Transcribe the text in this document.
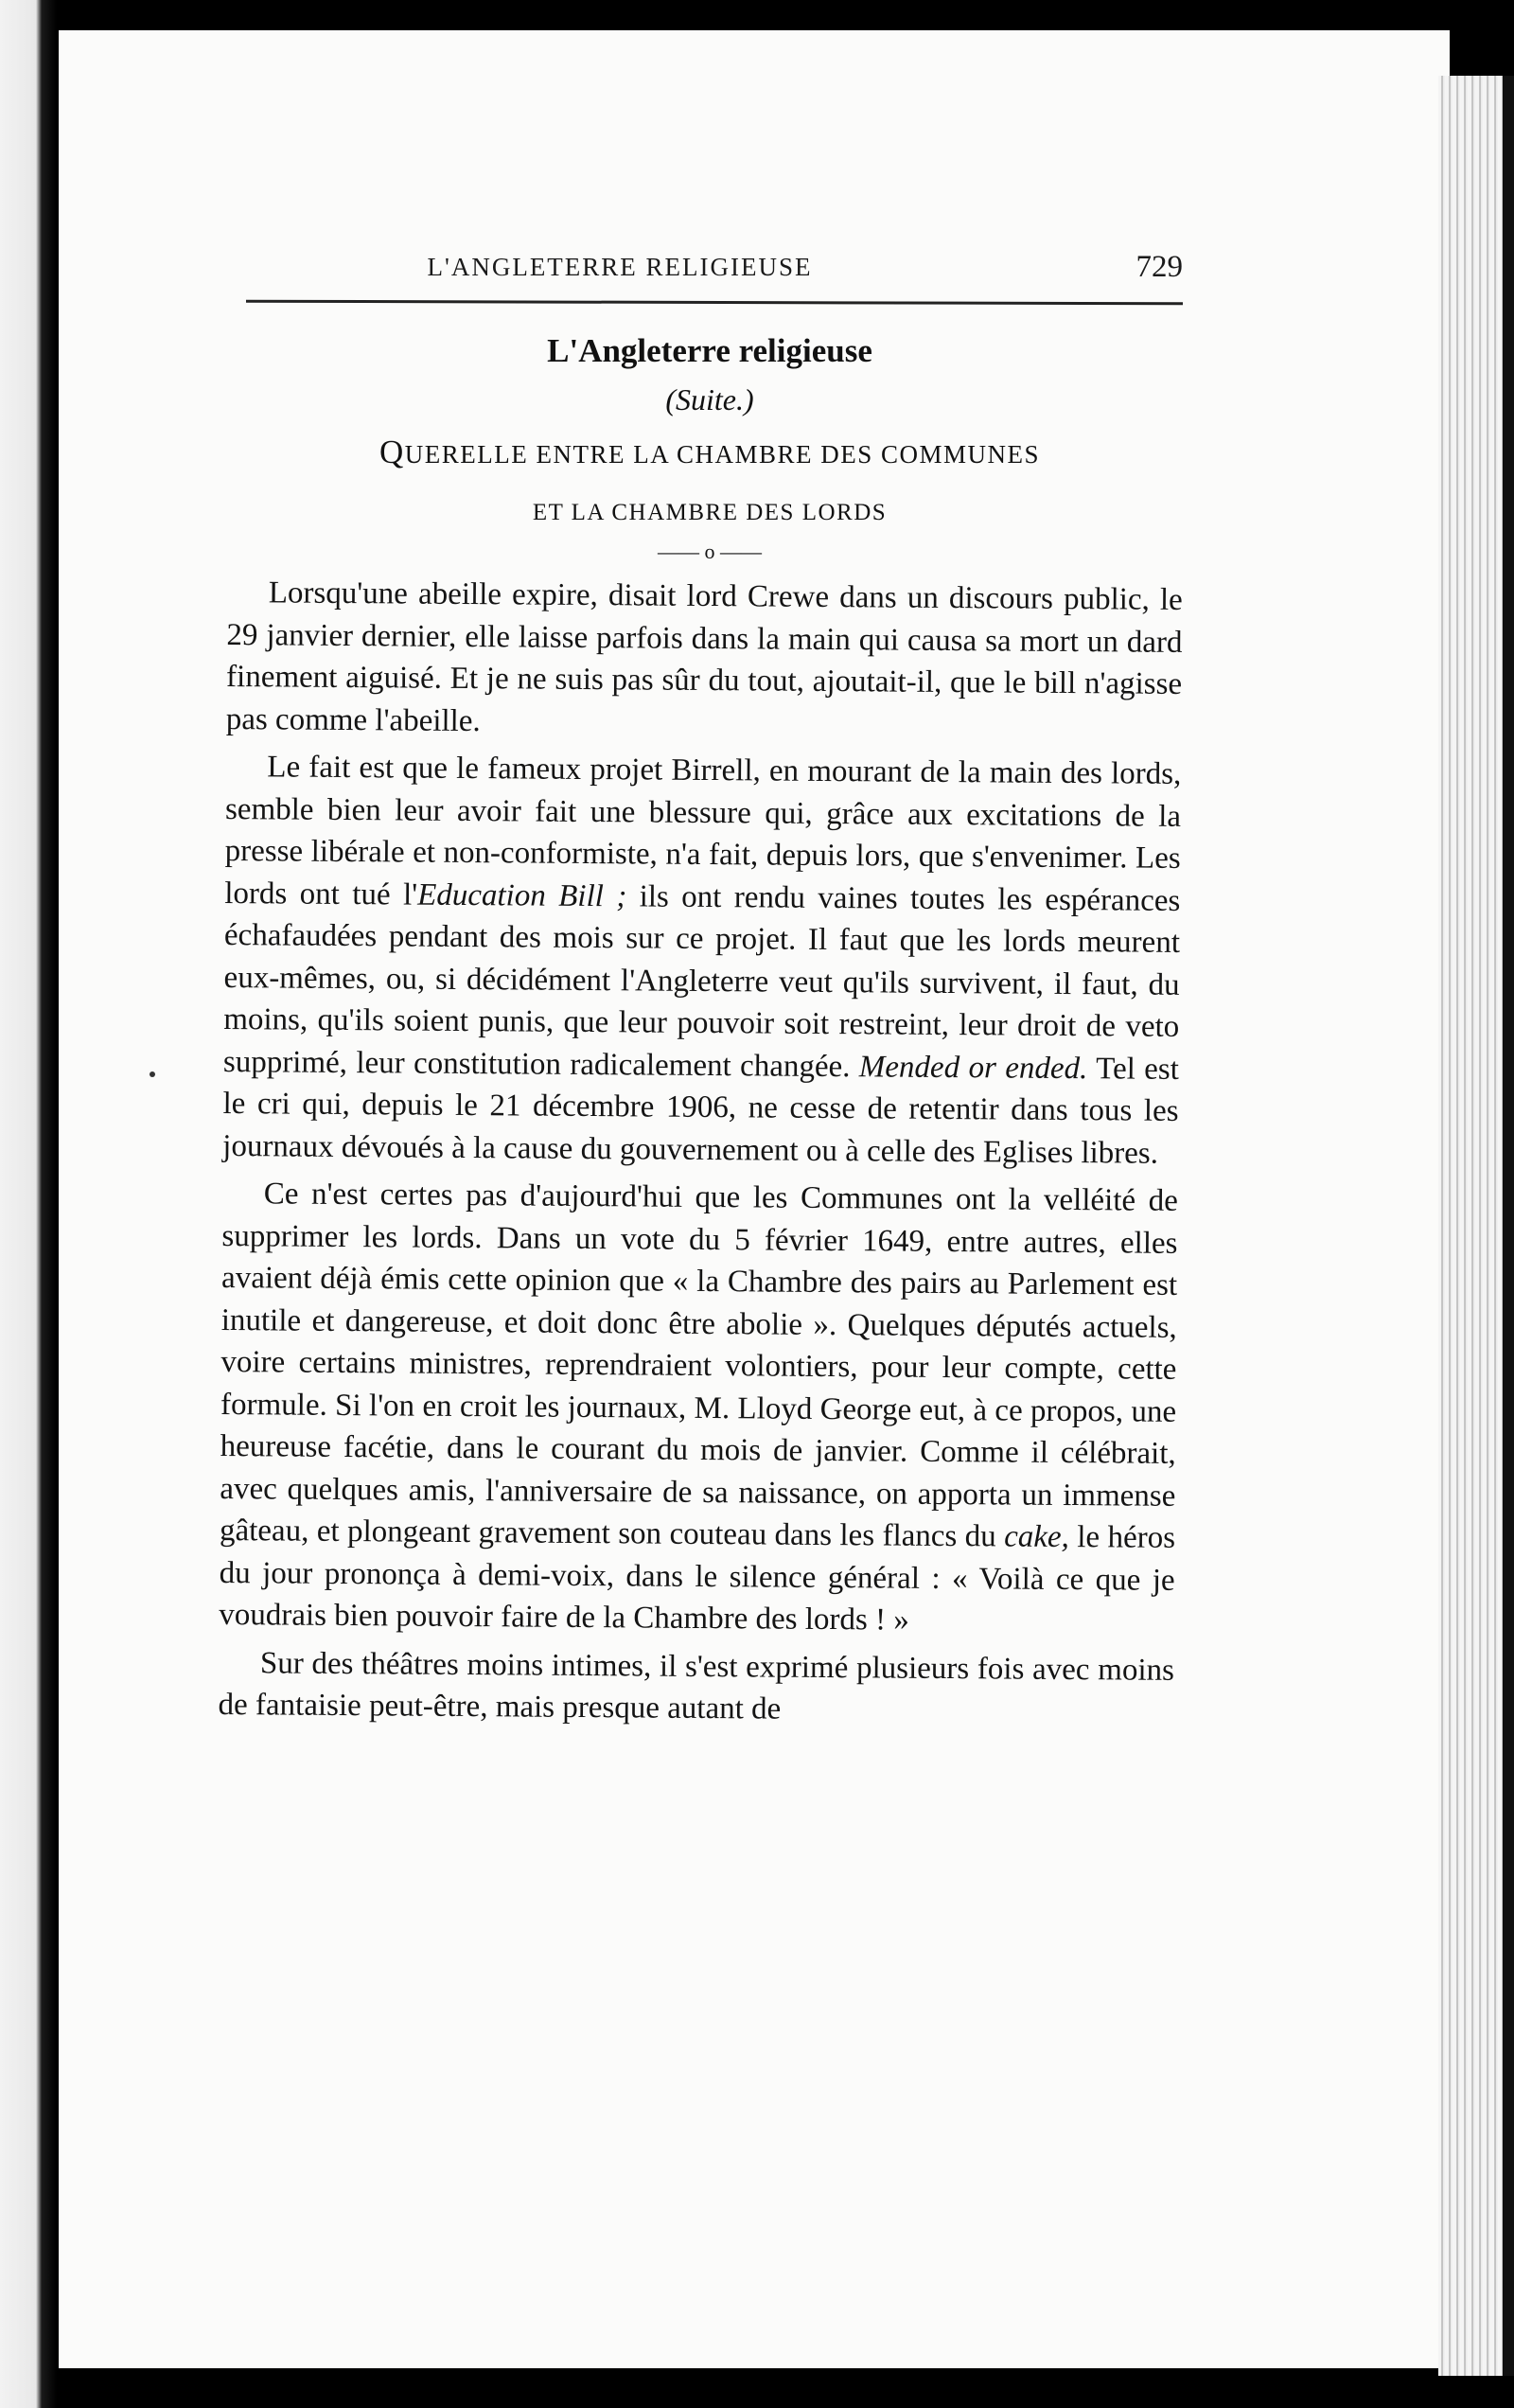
L'ANGLETERRE RELIGIEUSE	729
L'Angleterre religieuse
(Suite.)
QUERELLE ENTRE LA CHAMBRE DES COMMUNES
ET LA CHAMBRE DES LORDS
—— o ——

Lorsqu'une abeille expire, disait lord Crewe dans un discours public, le 29 janvier dernier, elle laisse parfois dans la main qui causa sa mort un dard finement aiguisé. Et je ne suis pas sûr du tout, ajoutait-il, que le bill n'agisse pas comme l'abeille.

Le fait est que le fameux projet Birrell, en mourant de la main des lords, semble bien leur avoir fait une blessure qui, grâce aux excitations de la presse libérale et non-conformiste, n'a fait, depuis lors, que s'envenimer. Les lords ont tué l'Education Bill ; ils ont rendu vaines toutes les espérances échafaudées pendant des mois sur ce projet. Il faut que les lords meurent eux-mêmes, ou, si décidément l'Angleterre veut qu'ils survivent, il faut, du moins, qu'ils soient punis, que leur pouvoir soit restreint, leur droit de veto supprimé, leur constitution radicalement changée. Mended or ended. Tel est le cri qui, depuis le 21 décembre 1906, ne cesse de retentir dans tous les journaux dévoués à la cause du gouvernement ou à celle des Eglises libres.

Ce n'est certes pas d'aujourd'hui que les Communes ont la velléité de supprimer les lords. Dans un vote du 5 février 1649, entre autres, elles avaient déjà émis cette opinion que « la Chambre des pairs au Parlement est inutile et dangereuse, et doit donc être abolie ». Quelques députés actuels, voire certains ministres, reprendraient volontiers, pour leur compte, cette formule. Si l'on en croit les journaux, M. Lloyd George eut, à ce propos, une heureuse facétie, dans le courant du mois de janvier. Comme il célébrait, avec quelques amis, l'anniversaire de sa naissance, on apporta un immense gâteau, et plongeant gravement son couteau dans les flancs du cake, le héros du jour prononça à demi-voix, dans le silence général : « Voilà ce que je voudrais bien pouvoir faire de la Chambre des lords ! »

Sur des théâtres moins intimes, il s'est exprimé plusieurs fois avec moins de fantaisie peut-être, mais presque autant de
